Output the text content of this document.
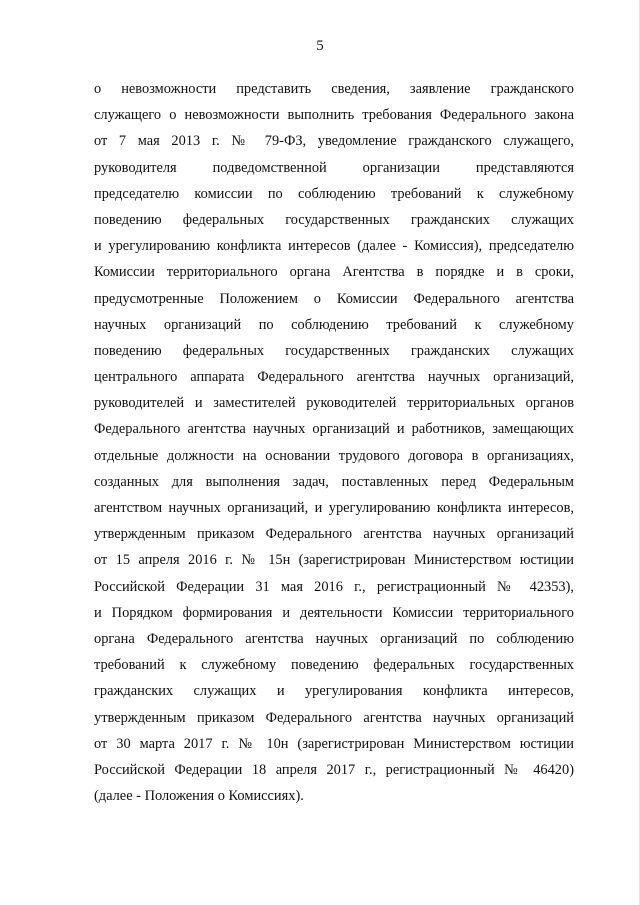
5
о невозможности представить сведения, заявление гражданского
служащего о невозможности выполнить требования Федерального закона
от 7 мая 2013 г. № 79-ФЗ, уведомление гражданского служащего,
руководителя подведомственной организации представляются
председателю комиссии по соблюдению требований к служебному
поведению федеральных государственных гражданских служащих
и урегулированию конфликта интересов (далее - Комиссия), председателю
Комиссии территориального органа Агентства в порядке и в сроки,
предусмотренные Положением о Комиссии Федерального агентства
научных организаций по соблюдению требований к служебному
поведению федеральных государственных гражданских служащих
центрального аппарата Федерального агентства научных организаций,
руководителей и заместителей руководителей территориальных органов
Федерального агентства научных организаций и работников, замещающих
отдельные должности на основании трудового договора в организациях,
созданных для выполнения задач, поставленных перед Федеральным
агентством научных организаций, и урегулированию конфликта интересов,
утвержденным приказом Федерального агентства научных организаций
от 15 апреля 2016 г. № 15н (зарегистрирован Министерством юстиции
Российской Федерации 31 мая 2016 г., регистрационный № 42353),
и Порядком формирования и деятельности Комиссии территориального
органа Федерального агентства научных организаций по соблюдению
требований к служебному поведению федеральных государственных
гражданских служащих и урегулирования конфликта интересов,
утвержденным приказом Федерального агентства научных организаций
от 30 марта 2017 г. № 10н (зарегистрирован Министерством юстиции
Российской Федерации 18 апреля 2017 г., регистрационный № 46420)
(далее - Положения о Комиссиях).
